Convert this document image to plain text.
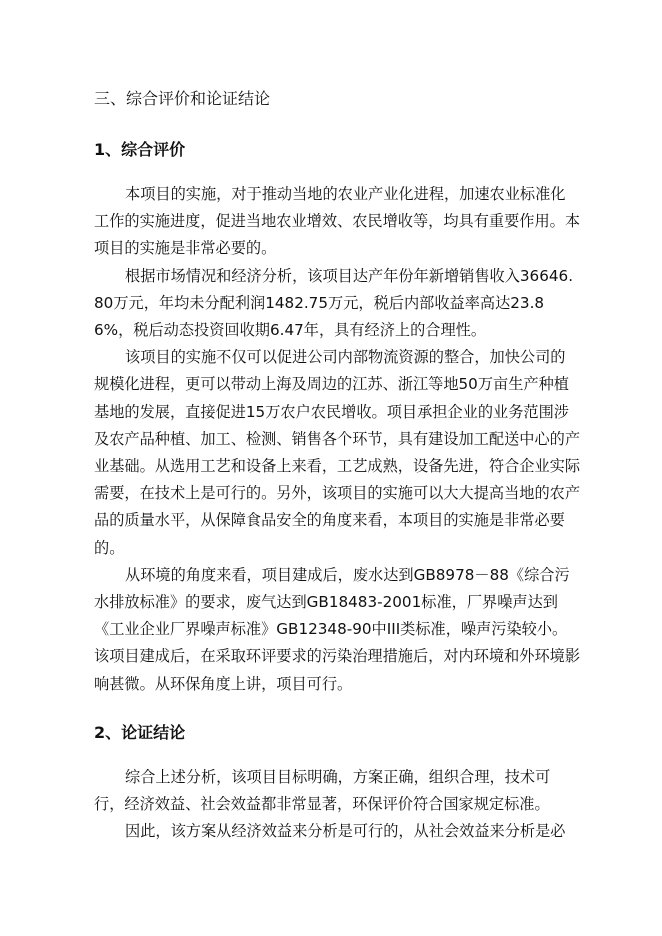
三、综合评价和论证结论
1、综合评价

本项目的实施，对于推动当地的农业产业化进程，加速农业标准化工作的实施进度，促进当地农业增效、农民增收等，均具有重要作用。本项目的实施是非常必要的。

根据市场情况和经济分析，该项目达产年份年新增销售收入36646.80万元，年均未分配利润1482.75万元，税后内部收益率高达23.86%，税后动态投资回收期6.47年，具有经济上的合理性。

该项目的实施不仅可以促进公司内部物流资源的整合，加快公司的规模化进程，更可以带动上海及周边的江苏、浙江等地50万亩生产种植基地的发展，直接促进15万农户农民增收。项目承担企业的业务范围涉及农产品种植、加工、检测、销售各个环节，具有建设加工配送中心的产业基础。从选用工艺和设备上来看，工艺成熟，设备先进，符合企业实际需要，在技术上是可行的。另外，该项目的实施可以大大提高当地的农产品的质量水平，从保障食品安全的角度来看，本项目的实施是非常必要的。

从环境的角度来看，项目建成后，废水达到GB8978－88《综合污水排放标准》的要求，废气达到GB18483-2001标准，厂界噪声达到《工业企业厂界噪声标准》GB12348-90中III类标准，噪声污染较小。该项目建成后，在采取环评要求的污染治理措施后，对内环境和外环境影响甚微。从环保角度上讲，项目可行。

2、论证结论

综合上述分析，该项目目标明确，方案正确，组织合理，技术可行，经济效益、社会效益都非常显著，环保评价符合国家规定标准。

因此，该方案从经济效益来分析是可行的，从社会效益来分析是必
